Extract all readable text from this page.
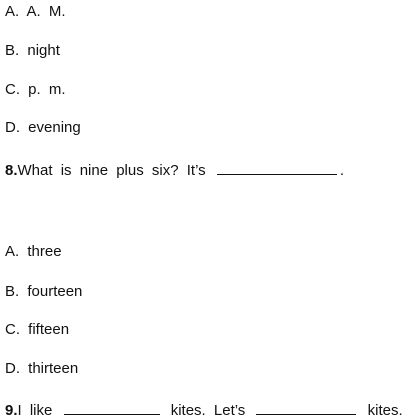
A. A. M.
B. night
C. p. m.
D. evening
8.What is nine plus six? It’s	.
A. three
B. fourteen
C. fifteen
D. thirteen
9.I like	kites. Let’s	kites.
